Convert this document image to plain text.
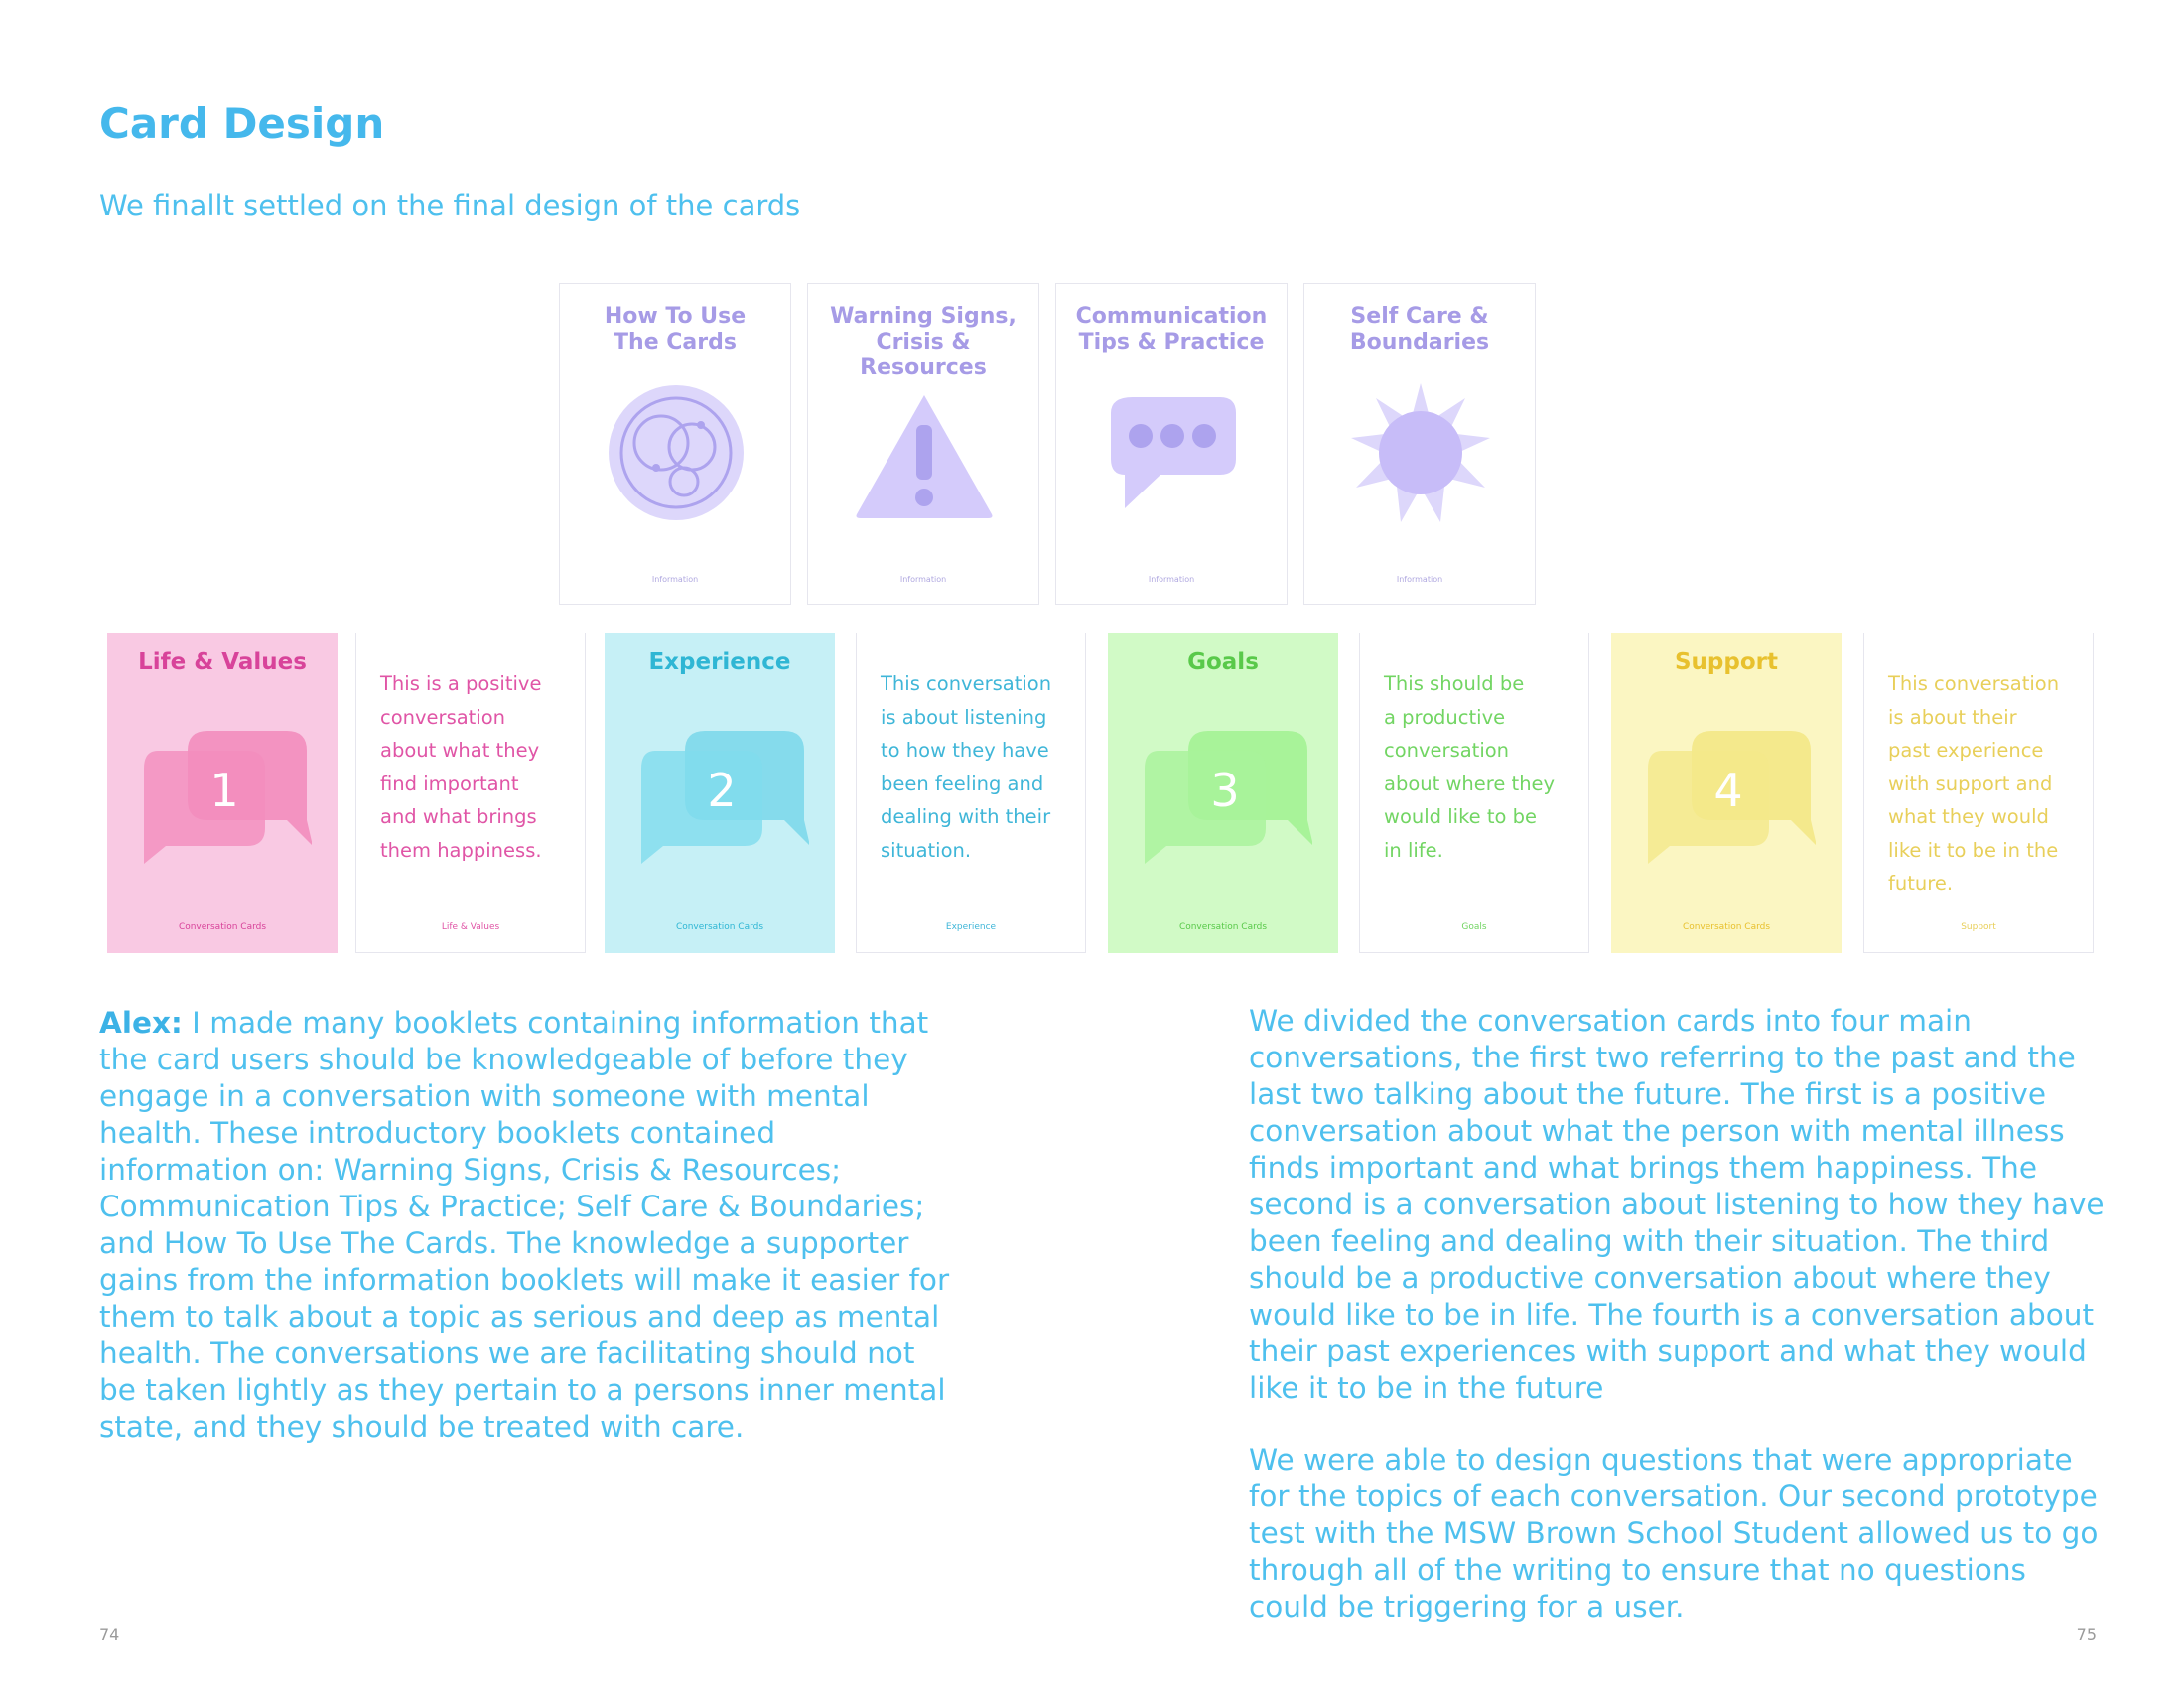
Card Design

We finallt settled on the final design of the cards

How To Use
The Cards
Information
Warning Signs,
Crisis &
Resources
Information
Communication
Tips & Practice
Information
Self Care &
Boundaries
Information
Life & Values
1
Conversation Cards
This is a positive
conversation
about what they
find important
and what brings
them happiness.
Life & Values
Experience
2
Conversation Cards
This conversation
is about listening
to how they have
been feeling and
dealing with their
situation.
Experience
Goals
3
Conversation Cards
This should be
a productive
conversation
about where they
would like to be
in life.
Goals
Support
4
Conversation Cards
This conversation
is about their
past experience
with support and
what they would
like it to be in the
future.
Support

Alex: I made many booklets containing information that the card users should be knowledgeable of before they engage in a conversation with someone with mental health. These introductory booklets contained information on: Warning Signs, Crisis & Resources; Communication Tips & Practice; Self Care & Boundaries; and How To Use The Cards. The knowledge a supporter gains from the information booklets will make it easier for them to talk about a topic as serious and deep as mental health. The conversations we are facilitating should not be taken lightly as they pertain to a persons inner mental state, and they should be treated with care.

We divided the conversation cards into four main conversations, the first two referring to the past and the last two talking about the future. The first is a positive conversation about what the person with mental illness finds important and what brings them happiness. The second is a conversation about listening to how they have been feeling and dealing with their situation. The third should be a productive conversation about where they would like to be in life. The fourth is a conversation about their past experiences with support and what they would like it to be in the future

We were able to design questions that were appropriate for the topics of each conversation. Our second prototype test with the MSW Brown School Student allowed us to go through all of the writing to ensure that no questions could be triggering for a user.

74	75
